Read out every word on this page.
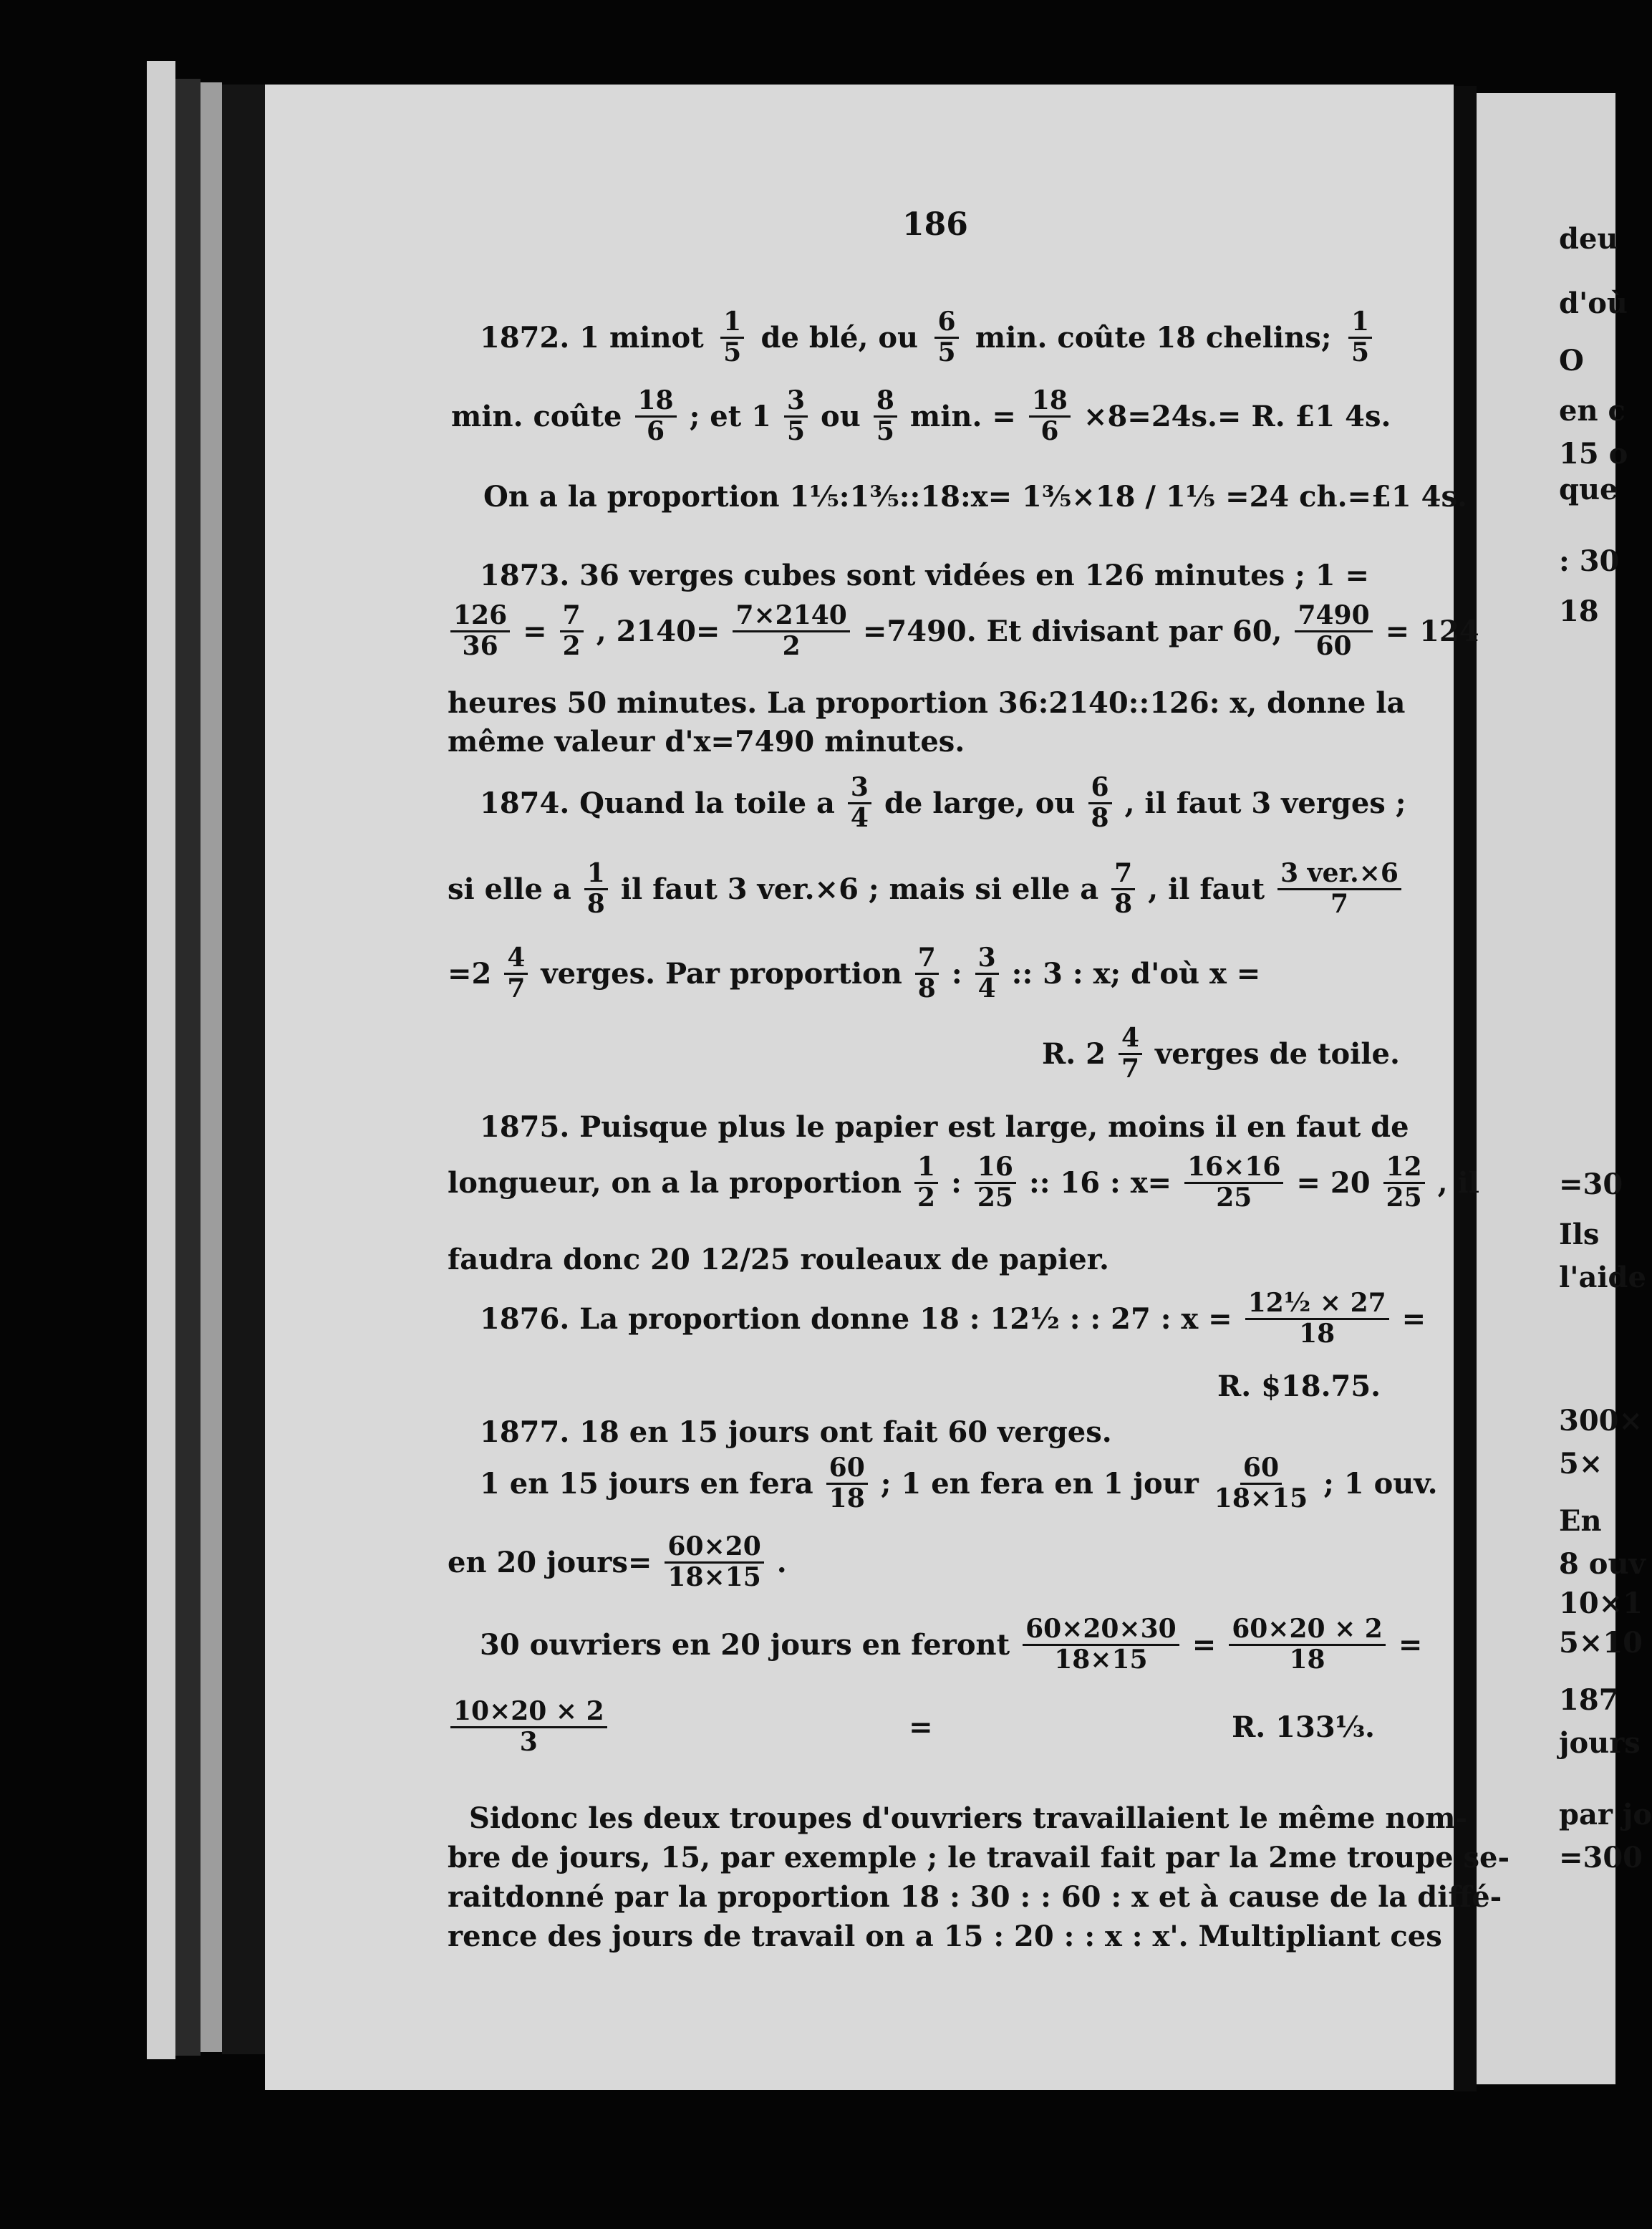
deu
d'où
O
en c
15 o
que
: 30
18
=30
Ils
l'aide
300×
5×
En
8 ouv
10×1
5×10
187
jours
par jo
=300
186
1872. 1 minot $\frac{1}{5}$ de blé, ou $\frac{6}{5} \min$. coûte 18 chelins; $\frac{1}{5}$
min. coûte $\frac{18}{6}$ ; et $1 \frac{3}{5}$ ou $\frac{8}{5} \min$. = $\frac{18}{6} \times 8=24s.= R$. £1 4s.
On a la proportion 1⅕:1⅗::18:x= 1⅗×18 / 1⅕ =24 ch.=£1 4s.
1873. 36 verges cubes sont vidées en 126 minutes ; 1 =
$\frac{126}{36} = \frac{7}{2}$ , $2140= \frac{7\times 2140}{2} =7490$. Et divisant par 60, $\frac{7490}{60} = 124$
heures 50 minutes. La proportion 36:2140::126: x, donne la
même valeur d'x=7490 minutes.
1874. Quand la toile a $\frac{3}{4}$ de large, ou $\frac{6}{8}$ , il faut 3 verges ;
si elle a $\frac{1}{8}$ il faut 3 ver.×6 ; mais si elle a $\frac{7}{8}$ , il faut $\frac{\text{3 ver.×6}}{7}$
$=2 \frac{4}{7}$ verges. Par proportion $\frac{7}{8}$ : $\frac{3}{4}$ :: 3 : x; d'où x =
R. $2 \frac{4}{7}$ verges de toile.
1875. Puisque plus le papier est large, moins il en faut de
longueur, on a la proportion $\frac{1}{2}$ : $\frac{16}{25}$ :: 16 : $x= \frac{16\times 16}{25} = 20 \frac{12}{25}$ , il
faudra donc 20 12/25 rouleaux de papier.
1876. La proportion donne 18 : 12½ : : 27 : $x = \frac{\text{12½ × 27}}{18}$ =
R. $18.75.
1877. 18 en 15 jours ont fait 60 verges.
1 en 15 jours en fera $\frac{60}{18}$ ; 1 en fera en 1 jour $\frac{60}{18\times 15}$ ; 1 ouv.
en 20 jours= $\frac{60\times 20}{18\times 15}$ .
30 ouvriers en 20 jours en feront $\frac{60\times 20\times 30}{18\times 15} = \frac{60\times 20 \times 2}{18}$ =
$\frac{10\times 20 \times 2}{3}$	=	R. 133⅓.
Sidonc les deux troupes d'ouvriers travaillaient le même nom-
bre de jours, 15, par exemple ; le travail fait par la 2me troupe se-
raitdonné par la proportion 18 : 30 : : 60 : x et à cause de la diffé-
rence des jours de travail on a 15 : 20 : : x : x'. Multipliant ces
